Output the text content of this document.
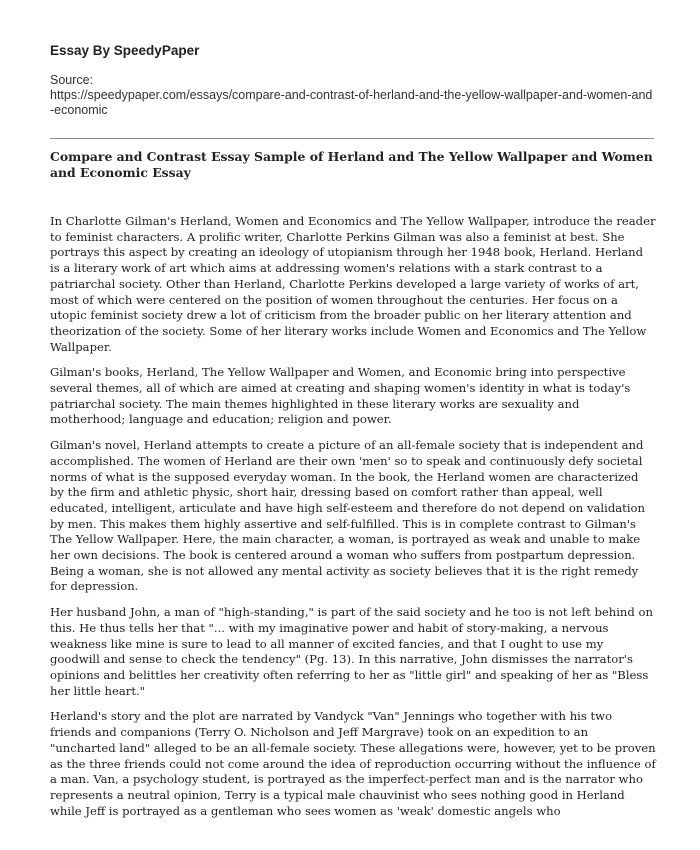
Essay By SpeedyPaper
Source:
https://speedypaper.com/essays/compare-and-contrast-of-herland-and-the-yellow-wallpaper-and-women-and-economic
Compare and Contrast Essay Sample of Herland and The Yellow Wallpaper and Women and Economic Essay

In Charlotte Gilman's Herland, Women and Economics and The Yellow Wallpaper, introduce the reader to feminist characters. A prolific writer, Charlotte Perkins Gilman was also a feminist at best. She portrays this aspect by creating an ideology of utopianism through her 1948 book, Herland. Herland is a literary work of art which aims at addressing women's relations with a stark contrast to a patriarchal society. Other than Herland, Charlotte Perkins developed a large variety of works of art, most of which were centered on the position of women throughout the centuries. Her focus on a utopic feminist society drew a lot of criticism from the broader public on her literary attention and theorization of the society. Some of her literary works include Women and Economics and The Yellow Wallpaper.

Gilman's books, Herland, The Yellow Wallpaper and Women, and Economic bring into perspective several themes, all of which are aimed at creating and shaping women's identity in what is today's patriarchal society. The main themes highlighted in these literary works are sexuality and motherhood; language and education; religion and power.

Gilman's novel, Herland attempts to create a picture of an all-female society that is independent and accomplished. The women of Herland are their own 'men' so to speak and continuously defy societal norms of what is the supposed everyday woman. In the book, the Herland women are characterized by the firm and athletic physic, short hair, dressing based on comfort rather than appeal, well educated, intelligent, articulate and have high self-esteem and therefore do not depend on validation by men. This makes them highly assertive and self-fulfilled. This is in complete contrast to Gilman's The Yellow Wallpaper. Here, the main character, a woman, is portrayed as weak and unable to make her own decisions. The book is centered around a woman who suffers from postpartum depression. Being a woman, she is not allowed any mental activity as society believes that it is the right remedy for depression.

Her husband John, a man of "high-standing," is part of the said society and he too is not left behind on this. He thus tells her that "... with my imaginative power and habit of story-making, a nervous weakness like mine is sure to lead to all manner of excited fancies, and that I ought to use my goodwill and sense to check the tendency" (Pg. 13). In this narrative, John dismisses the narrator's opinions and belittles her creativity often referring to her as "little girl" and speaking of her as "Bless her little heart."

Herland's story and the plot are narrated by Vandyck "Van" Jennings who together with his two friends and companions (Terry O. Nicholson and Jeff Margrave) took on an expedition to an "uncharted land" alleged to be an all-female society. These allegations were, however, yet to be proven as the three friends could not come around the idea of reproduction occurring without the influence of a man. Van, a psychology student, is portrayed as the imperfect-perfect man and is the narrator who represents a neutral opinion, Terry is a typical male chauvinist who sees nothing good in Herland while Jeff is portrayed as a gentleman who sees women as 'weak' domestic angels who
